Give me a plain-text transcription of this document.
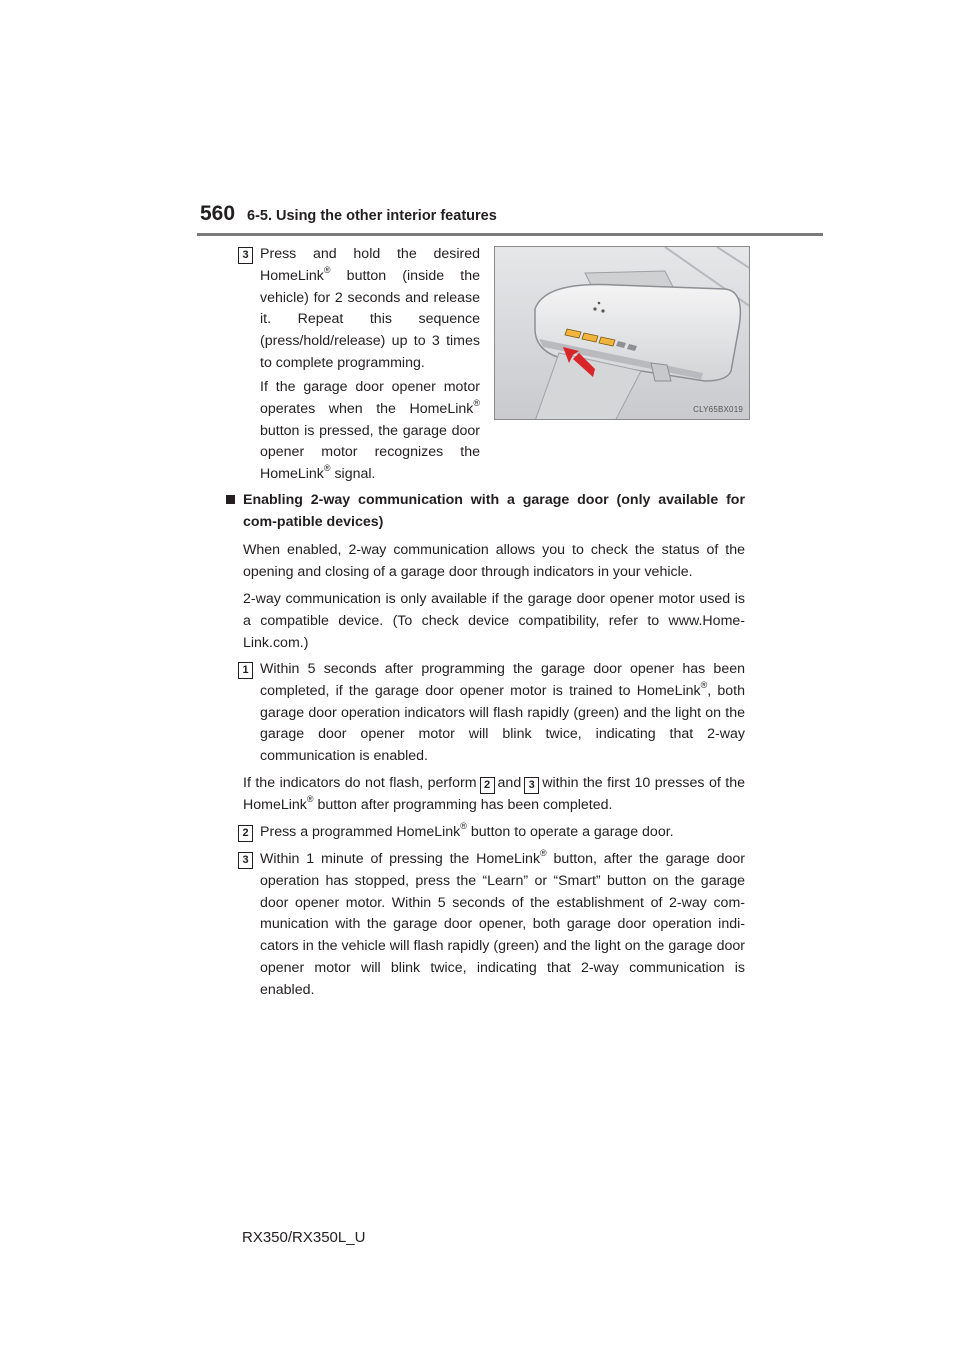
560 6-5. Using the other interior features
3 Press and hold the desired HomeLink® button (inside the vehicle) for 2 seconds and release it. Repeat this sequence (press/hold/release) up to 3 times to complete programming.
If the garage door opener motor operates when the HomeLink® button is pressed, the garage door opener motor recognizes the HomeLink® signal.
CLY65BX019
Enabling 2-way communication with a garage door (only available for com-patible devices)
When enabled, 2-way communication allows you to check the status of the opening and closing of a garage door through indicators in your vehicle.
2-way communication is only available if the garage door opener motor used is a compatible device. (To check device compatibility, refer to www.Home-Link.com.)
1 Within 5 seconds after programming the garage door opener has been completed, if the garage door opener motor is trained to HomeLink®, both garage door operation indicators will flash rapidly (green) and the light on the garage door opener motor will blink twice, indicating that 2-way communication is enabled.
If the indicators do not flash, perform 2 and 3 within the first 10 presses of the HomeLink® button after programming has been completed.
2 Press a programmed HomeLink® button to operate a garage door.
3 Within 1 minute of pressing the HomeLink® button, after the garage door operation has stopped, press the “Learn” or “Smart” button on the garage door opener motor. Within 5 seconds of the establishment of 2-way com-munication with the garage door opener, both garage door operation indi-cators in the vehicle will flash rapidly (green) and the light on the garage door opener motor will blink twice, indicating that 2-way communication is enabled.
RX350/RX350L_U
